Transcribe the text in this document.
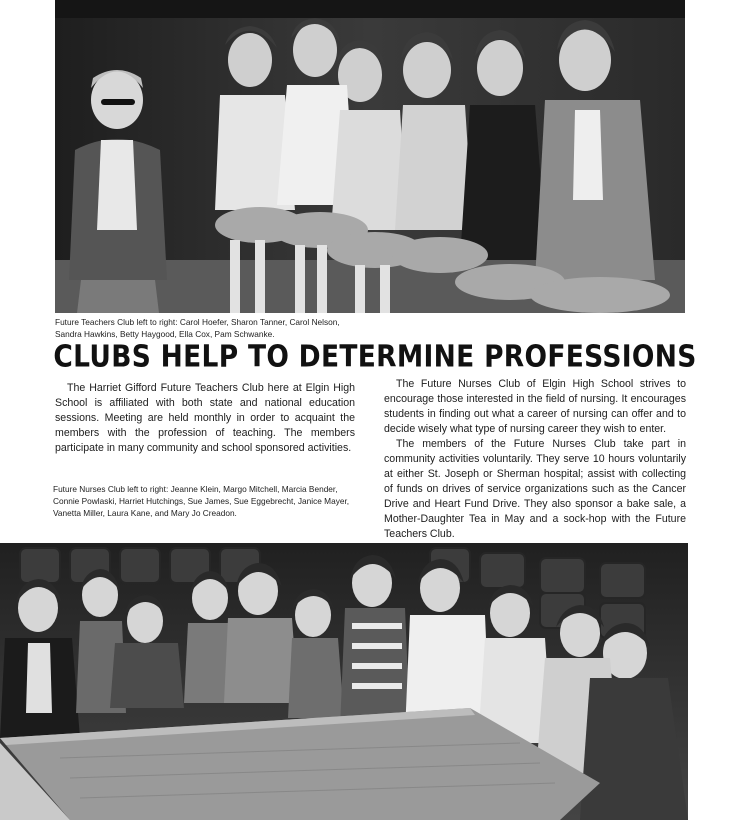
Future Teachers Club left to right: Carol Hoefer, Sharon Tanner, Carol Nelson, Sandra Hawkins, Betty Haygood, Ella Cox, Pam Schwanke.
CLUBS HELP TO DETERMINE PROFESSIONS

The Harriet Gifford Future Teachers Club here at Elgin High School is affiliated with both state and national education sessions. Meeting are held monthly in order to acquaint the members with the profession of teaching. The members participate in many community and school sponsored activities.

Future Nurses Club left to right: Jeanne Klein, Margo Mitchell, Marcia Bender, Connie Powlaski, Harriet Hutchings, Sue James, Sue Eggebrecht, Janice Mayer, Vanetta Miller, Laura Kane, and Mary Jo Creadon.

The Future Nurses Club of Elgin High School strives to encourage those interested in the field of nursing. It encourages students in finding out what a career of nursing can offer and to decide wisely what type of nursing career they wish to enter.

The members of the Future Nurses Club take part in community activities voluntarily. They serve 10 hours voluntarily at either St. Joseph or Sherman hospital; assist with collecting of funds on drives of service organizations such as the Cancer Drive and Heart Fund Drive. They also sponsor a bake sale, a Mother-Daughter Tea in May and a sock-hop with the Future Teachers Club.
